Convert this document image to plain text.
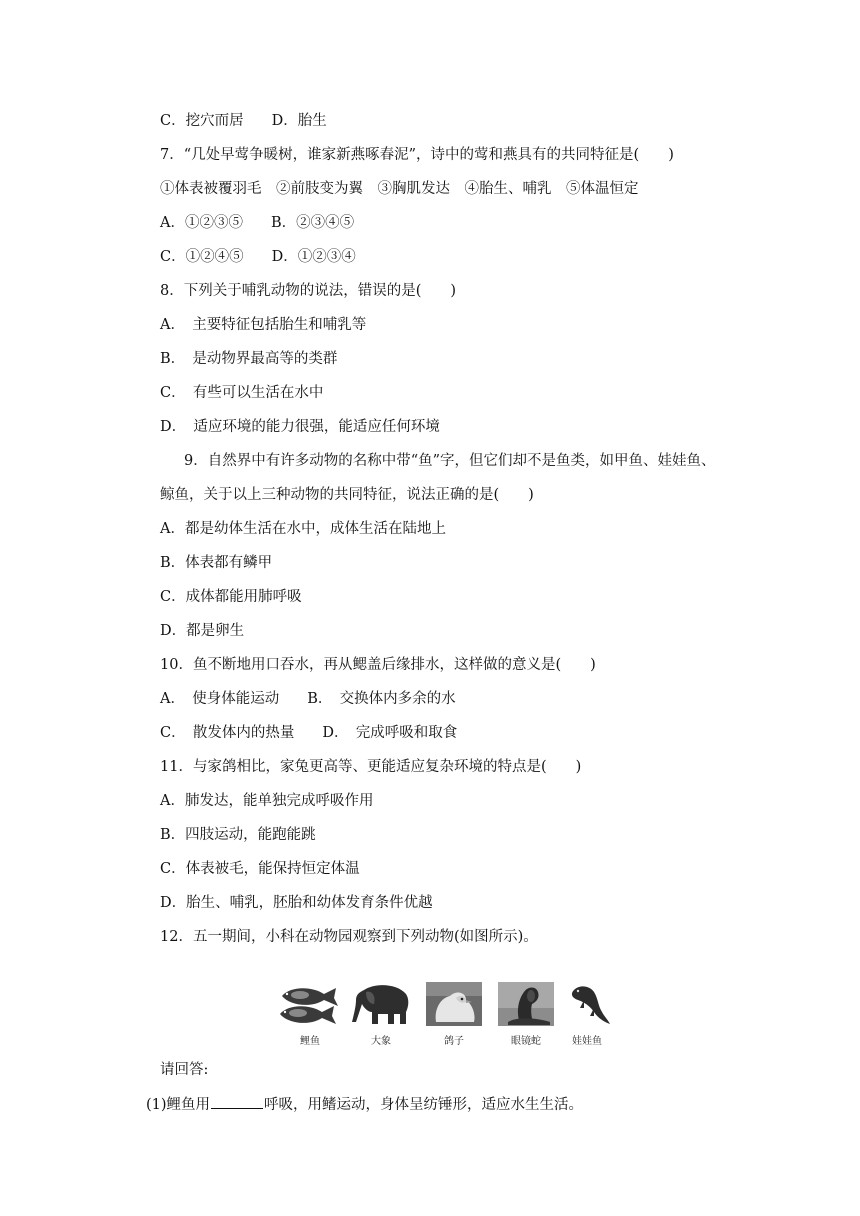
C．挖穴而居 D．胎生
7．“几处早莺争暖树，谁家新燕啄春泥”，诗中的莺和燕具有的共同特征是(　　)
①体表被覆羽毛　②前肢变为翼　③胸肌发达　④胎生、哺乳　⑤体温恒定
A．①②③⑤ B．②③④⑤
C．①②④⑤ D．①②③④
8．下列关于哺乳动物的说法，错误的是(　　)
A．　主要特征包括胎生和哺乳等
B．　是动物界最高等的类群
C．　有些可以生活在水中
D．　适应环境的能力很强，能适应任何环境
9．自然界中有许多动物的名称中带“鱼”字，但它们却不是鱼类，如甲鱼、娃娃鱼、
鲸鱼，关于以上三种动物的共同特征，说法正确的是(　　)
A．都是幼体生活在水中，成体生活在陆地上
B．体表都有鳞甲
C．成体都能用肺呼吸
D．都是卵生
10．鱼不断地用口吞水，再从鳃盖后缘排水，这样做的意义是(　　)
A．　使身体能运动 B．　交换体内多余的水
C．　散发体内的热量 D．　完成呼吸和取食
11．与家鸽相比，家兔更高等、更能适应复杂环境的特点是(　　)
A．肺发达，能单独完成呼吸作用
B．四肢运动，能跑能跳
C．体表被毛，能保持恒定体温
D．胎生、哺乳，胚胎和幼体发育条件优越
12．五一期间，小科在动物园观察到下列动物(如图所示)。
鲤鱼	大象	鸽子	眼镜蛇	娃娃鱼
请回答:
(1)鲤鱼用	呼吸，用鳍运动，身体呈纺锤形，适应水生生活。
